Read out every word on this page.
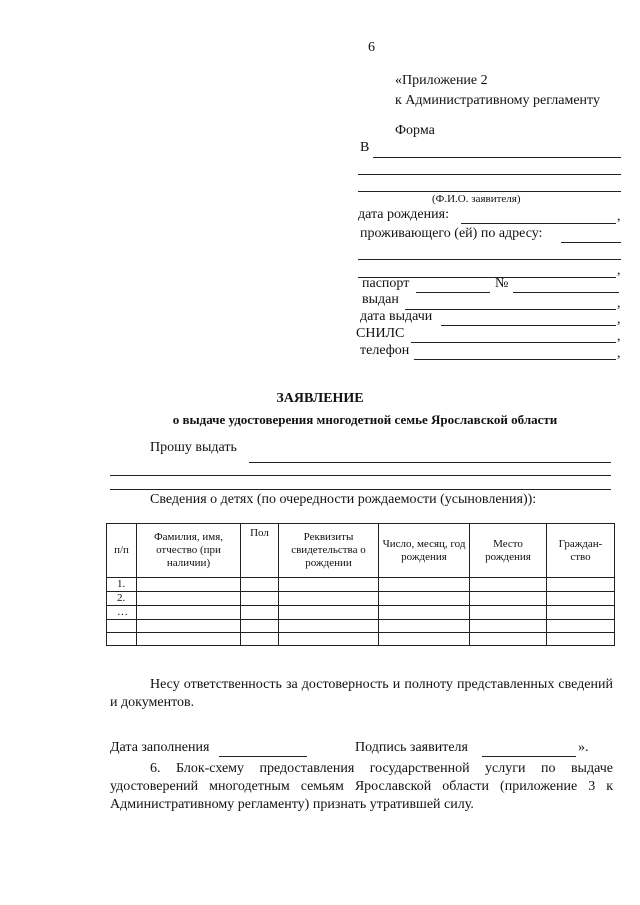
6
«Приложение 2
к Административному регламенту
Форма
В
(Ф.И.О. заявителя)
дата рождения:	,
проживающего (ей) по адресу:
,
паспорт	№
выдан	,
дата выдачи	,
СНИЛС	,
телефон	,
ЗАЯВЛЕНИЕ
о выдаче удостоверения многодетной семье Ярославской области
Прошу выдать
Сведения о детях (по очередности рождаемости (усыновления)):
п/п	Фамилия, имя, отчество (при наличии)	Пол	Реквизиты свидетельства о рождении	Число, месяц, год рождения	Место рождения	Граждан-ство
1.						
2.						
…						

Несу ответственность за достоверность и полноту представленных сведений и документов.
Дата заполнения	Подпись заявителя	».
6. Блок-схему предоставления государственной услуги по выдаче удостоверений многодетным семьям Ярославской области (приложение 3 к Административному регламенту) признать утратившей силу.
